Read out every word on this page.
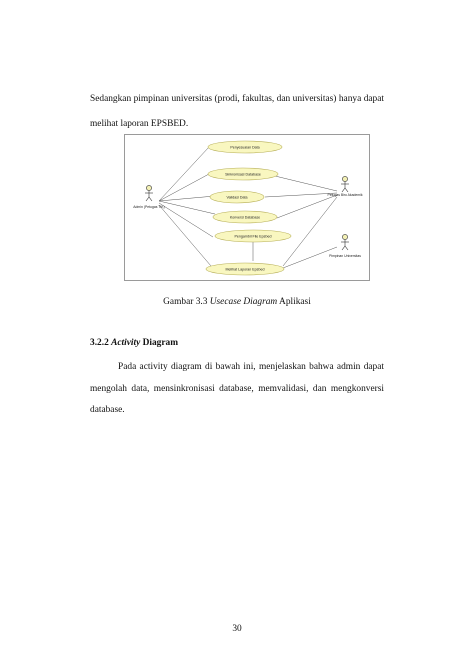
Sedangkan pimpinan universitas (prodi, fakultas, dan universitas) hanya dapat
melihat laporan EPSBED.
Penyesuaian Data
Sinkronisasi Database
Validasi Data
Konversi Database
Pengambil File Epsbed
Melihat Laporan Epsbed
Admin (Petugas TIK)
Petugas Biro Akademik
Pimpinan Universitas
Gambar 3.3 Usecase Diagram Aplikasi
3.2.2 Activity Diagram
Pada activity diagram di bawah ini, menjelaskan bahwa admin dapat
mengolah data, mensinkronisasi database, memvalidasi, dan mengkonversi
database.
30
